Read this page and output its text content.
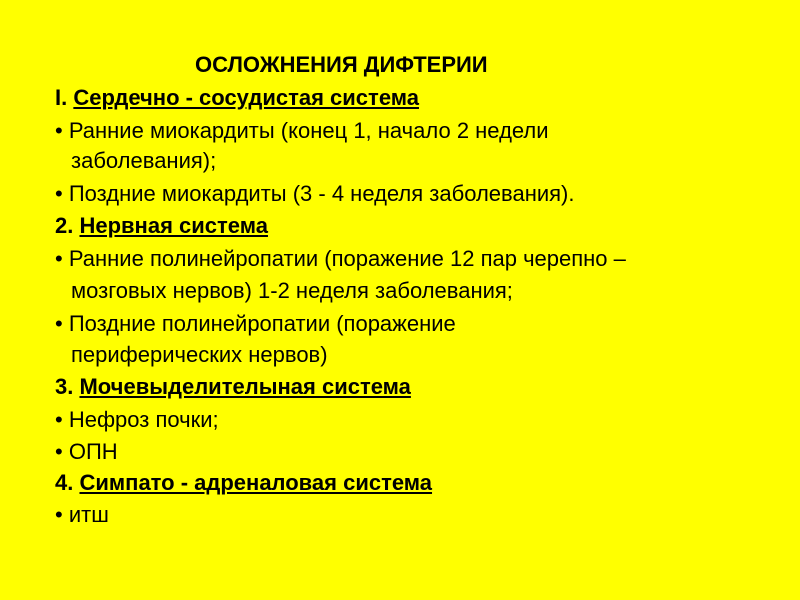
ОСЛОЖНЕНИЯ ДИФТЕРИИ
I. Сердечно - сосудистая система
• Ранние миокардиты (конец 1, начало 2 недели
заболевания);
• Поздние миокардиты (3 - 4 неделя заболевания).
2. Нервная система
• Ранние полинейропатии (поражение 12 пар черепно –
мозговых нервов) 1-2 неделя заболевания;
• Поздние полинейропатии (поражение
периферических нервов)
3. Мочевыделителыная система
• Нефроз почки;
• ОПН
4. Симпато - адреналовая система
• итш
